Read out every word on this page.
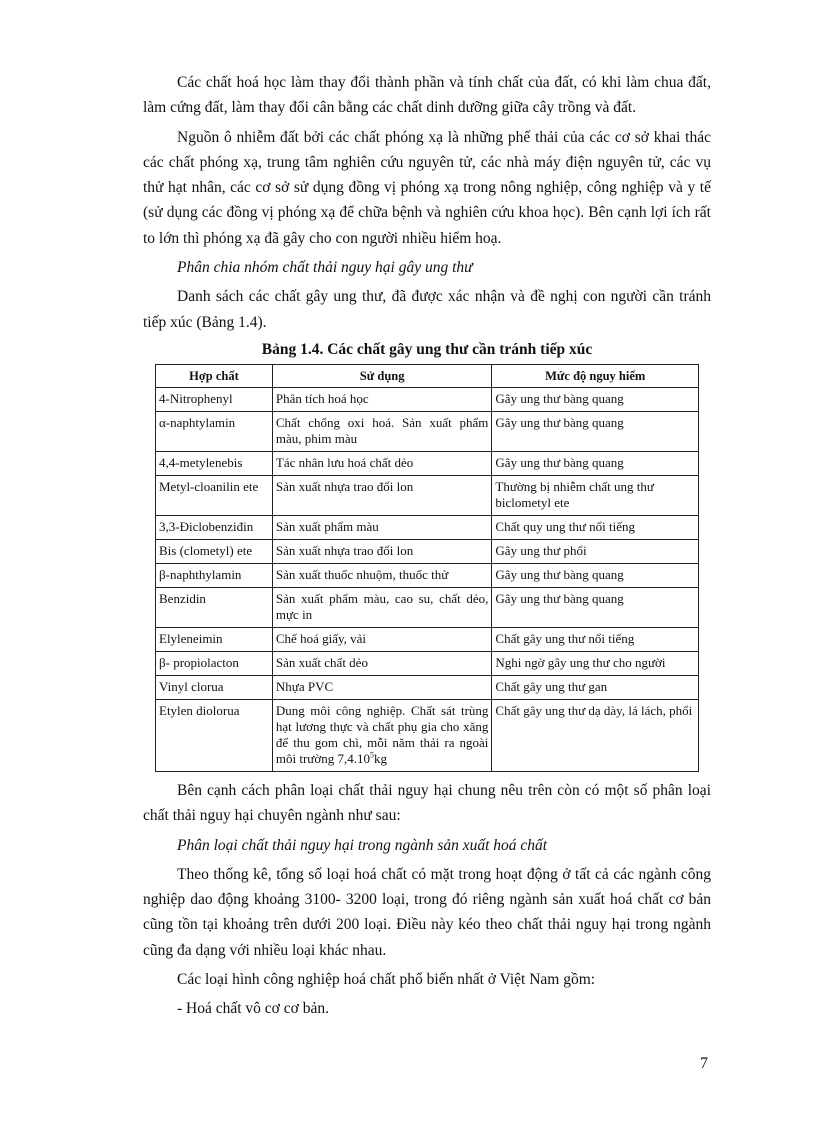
Các chất hoá học làm thay đổi thành phần và tính chất của đất, có khi làm chua đất, làm cứng đất, làm thay đổi cân bằng các chất dinh dưỡng giữa cây trồng và đất.

Nguồn ô nhiễm đất bởi các chất phóng xạ là những phế thải của các cơ sở khai thác các chất phóng xạ, trung tâm nghiên cứu nguyên tử, các nhà máy điện nguyên tử, các vụ thử hạt nhân, các cơ sở sử dụng đồng vị phóng xạ trong nông nghiệp, công nghiệp và y tế (sử dụng các đồng vị phóng xạ để chữa bệnh và nghiên cứu khoa học). Bên cạnh lợi ích rất to lớn thì phóng xạ đã gây cho con người nhiều hiểm hoạ.

Phân chia nhóm chất thải nguy hại gây ung thư

Danh sách các chất gây ung thư, đã được xác nhận và đề nghị con người cần tránh tiếp xúc (Bảng 1.4).

Bảng 1.4. Các chất gây ung thư cần tránh tiếp xúc
Hợp chất	Sử dụng	Mức độ nguy hiểm
4-Nitrophenyl	Phân tích hoá học	Gây ung thư bàng quang
α-naphtylamin	Chất chống oxi hoá. Sản xuất phẩm màu, phim màu	Gây ung thư bàng quang
4,4-metylenebis	Tác nhân lưu hoá chất dẻo	Gây ung thư bàng quang
Metyl-cloanilin ete	Sản xuất nhựa trao đổi lon	Thường bị nhiễm chất ung thư biclometyl ete
3,3-Điclobenziđin	Sản xuất phẩm màu	Chất quy ung thư nổi tiếng
Bis (clometyl) ete	Sản xuất nhựa trao đổi lon	Gây ung thư phổi
β-naphthylamin	Sản xuất thuốc nhuộm, thuốc thử	Gây ung thư bàng quang
Benzidin	Sản xuất phẩm màu, cao su, chất dẻo, mực in	Gây ung thư bàng quang
Elyleneimin	Chế hoá giấy, vải	Chất gây ung thư nổi tiếng
β- propiolacton	Sản xuất chất dẻo	Nghi ngờ gây ung thư cho người
Vinyl clorua	Nhựa PVC	Chất gây ung thư gan
Etylen diolorua	Dung môi công nghiệp. Chất sát trùng hạt lương thực và chất phụ gia cho xăng để thu gom chì, mỗi năm thải ra ngoài môi trường 7,4.10$^5$kg	Chất gây ung thư dạ dày, lá lách, phổi

Bên cạnh cách phân loại chất thải nguy hại chung nêu trên còn có một số phân loại chất thải nguy hại chuyên ngành như sau:

Phân loại chất thải nguy hại trong ngành sản xuất hoá chất

Theo thống kê, tổng số loại hoá chất có mặt trong hoạt động ở tất cả các ngành công nghiệp dao động khoảng 3100- 3200 loại, trong đó riêng ngành sản xuất hoá chất cơ bản cũng tồn tại khoảng trên dưới 200 loại. Điều này kéo theo chất thải nguy hại trong ngành cũng đa dạng với nhiều loại khác nhau.

Các loại hình công nghiệp hoá chất phổ biến nhất ở Việt Nam gồm:

- Hoá chất vô cơ cơ bản.

7
